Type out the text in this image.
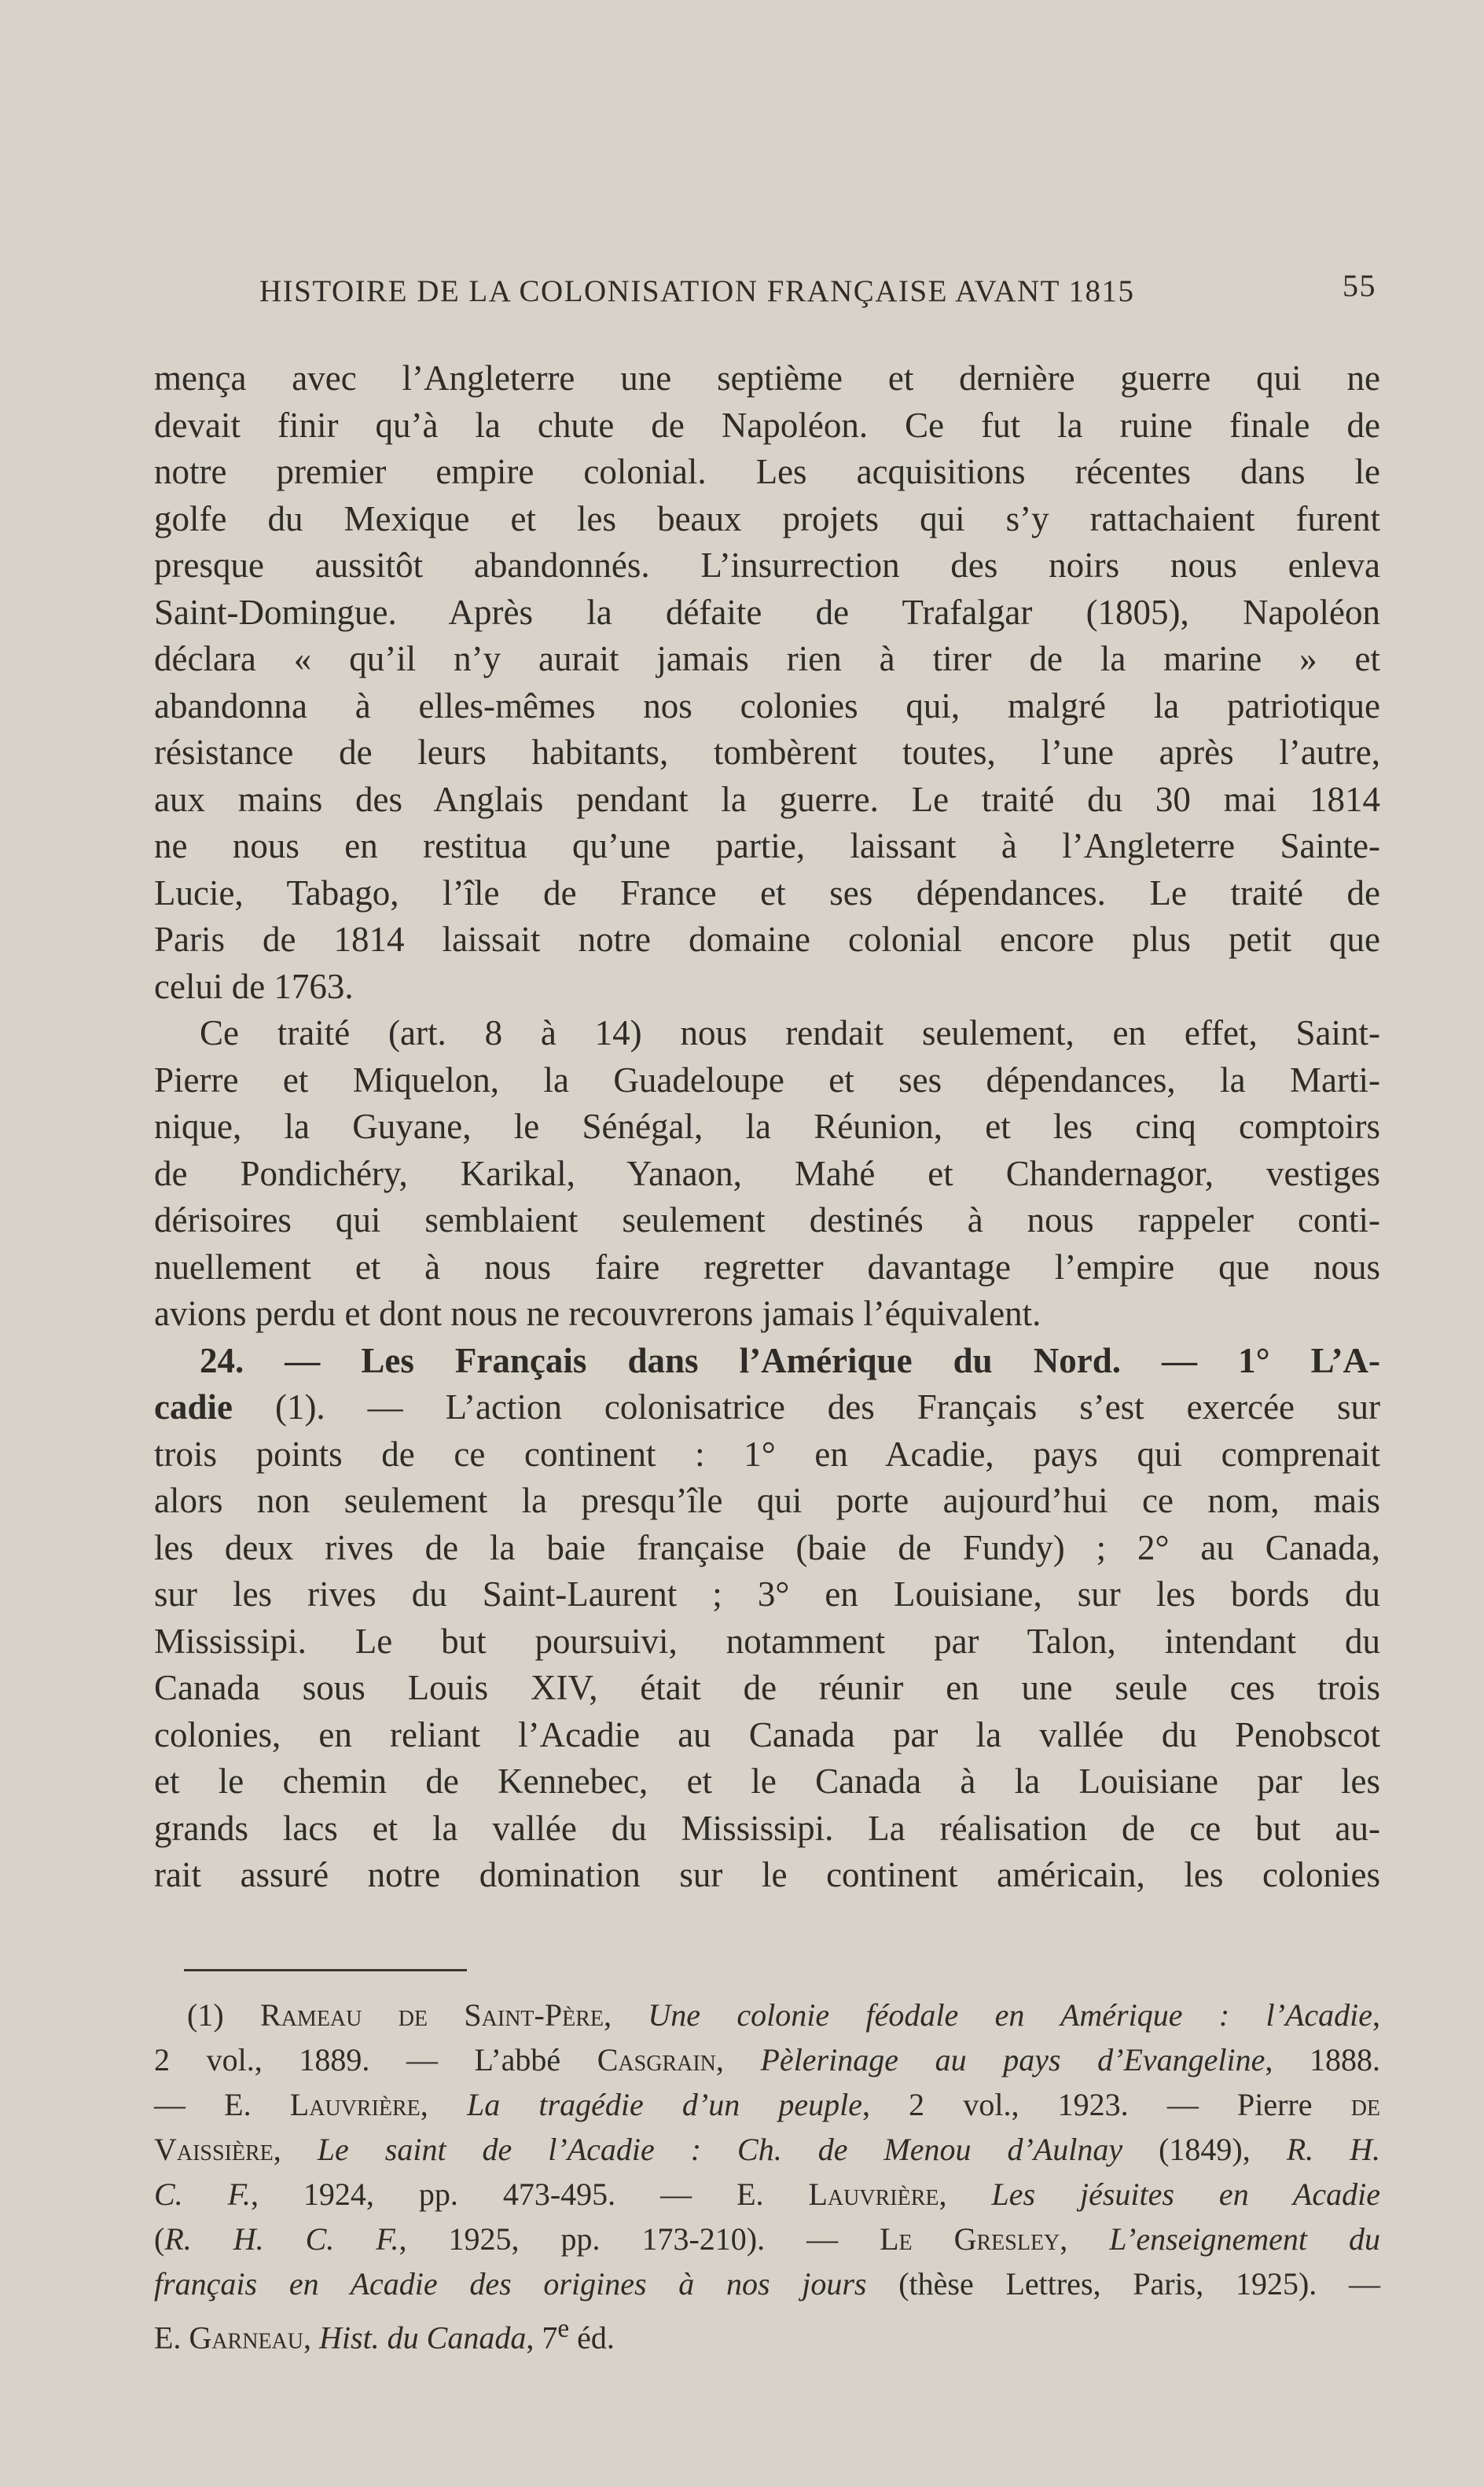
HISTOIRE DE LA COLONISATION FRANÇAISE AVANT 1815	55
mença avec l’Angleterre une septième et dernière guerre qui ne
devait finir qu’à la chute de Napoléon. Ce fut la ruine finale de
notre premier empire colonial. Les acquisitions récentes dans le
golfe du Mexique et les beaux projets qui s’y rattachaient furent
presque aussitôt abandonnés. L’insurrection des noirs nous enleva
Saint-Domingue. Après la défaite de Trafalgar (1805), Napoléon
déclara « qu’il n’y aurait jamais rien à tirer de la marine » et
abandonna à elles-mêmes nos colonies qui, malgré la patriotique
résistance de leurs habitants, tombèrent toutes, l’une après l’autre,
aux mains des Anglais pendant la guerre. Le traité du 30 mai 1814
ne nous en restitua qu’une partie, laissant à l’Angleterre Sainte-
Lucie, Tabago, l’île de France et ses dépendances. Le traité de
Paris de 1814 laissait notre domaine colonial encore plus petit que
celui de 1763.
Ce traité (art. 8 à 14) nous rendait seulement, en effet, Saint-
Pierre et Miquelon, la Guadeloupe et ses dépendances, la Marti-
nique, la Guyane, le Sénégal, la Réunion, et les cinq comptoirs
de Pondichéry, Karikal, Yanaon, Mahé et Chandernagor, vestiges
dérisoires qui semblaient seulement destinés à nous rappeler conti-
nuellement et à nous faire regretter davantage l’empire que nous
avions perdu et dont nous ne recouvrerons jamais l’équivalent.
24. — Les Français dans l’Amérique du Nord. — 1° L’A-
cadie (1). — L’action colonisatrice des Français s’est exercée sur
trois points de ce continent : 1° en Acadie, pays qui comprenait
alors non seulement la presqu’île qui porte aujourd’hui ce nom, mais
les deux rives de la baie française (baie de Fundy) ; 2° au Canada,
sur les rives du Saint-Laurent ; 3° en Louisiane, sur les bords du
Mississipi. Le but poursuivi, notamment par Talon, intendant du
Canada sous Louis XIV, était de réunir en une seule ces trois
colonies, en reliant l’Acadie au Canada par la vallée du Penobscot
et le chemin de Kennebec, et le Canada à la Louisiane par les
grands lacs et la vallée du Mississipi. La réalisation de ce but au-
rait assuré notre domination sur le continent américain, les colonies
(1) Rameau de Saint-Père, Une colonie féodale en Amérique : l’Acadie,
2 vol., 1889. — L’abbé Casgrain, Pèlerinage au pays d’Evangeline, 1888.
— E. Lauvrière, La tragédie d’un peuple, 2 vol., 1923. — Pierre de
Vaissière, Le saint de l’Acadie : Ch. de Menou d’Aulnay (1849), R. H.
C. F., 1924, pp. 473-495. — E. Lauvrière, Les jésuites en Acadie
(R. H. C. F., 1925, pp. 173-210). — Le Gresley, L’enseignement du
français en Acadie des origines à nos jours (thèse Lettres, Paris, 1925). —
E. Garneau, Hist. du Canada, 7e éd.
